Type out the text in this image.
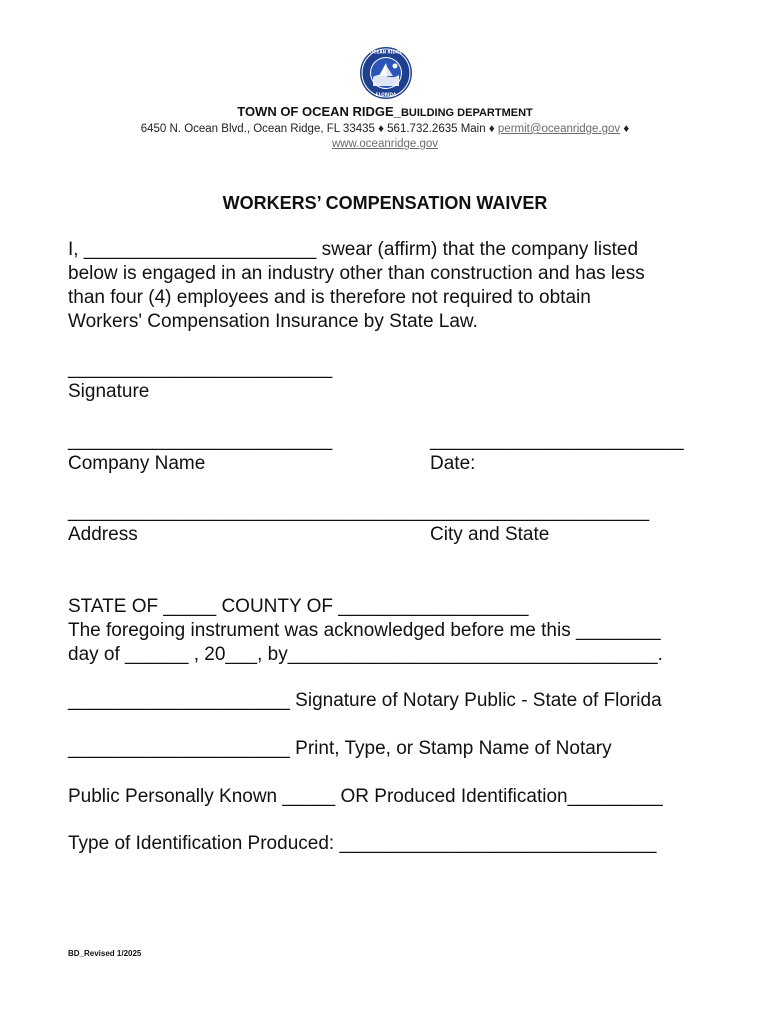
OCEAN RIDGE
FLORIDA
TOWN OF OCEAN RIDGE_BUILDING DEPARTMENT
6450 N. Ocean Blvd., Ocean Ridge, FL 33435 ♦ 561.732.2635 Main ♦ permit@oceanridge.gov ♦
www.oceanridge.gov
WORKERS’ COMPENSATION WAIVER
I, ______________________ swear (affirm) that the company listed
below is engaged in an industry other than construction and has less
than four (4) employees and is therefore not required to obtain
Workers' Compensation Insurance by State Law.
_________________________
Signature
_________________________
Company Name
________________________
Date:
_______________________________________________________
Address	City and State
STATE OF _____ COUNTY OF __________________
The foregoing instrument was acknowledged before me this ________
day of ______ , 20___, by___________________________________.
_____________________ Signature of Notary Public - State of Florida
_____________________ Print, Type, or Stamp Name of Notary
Public Personally Known _____ OR Produced Identification_________
Type of Identification Produced: ______________________________
BD_Revised 1/2025
